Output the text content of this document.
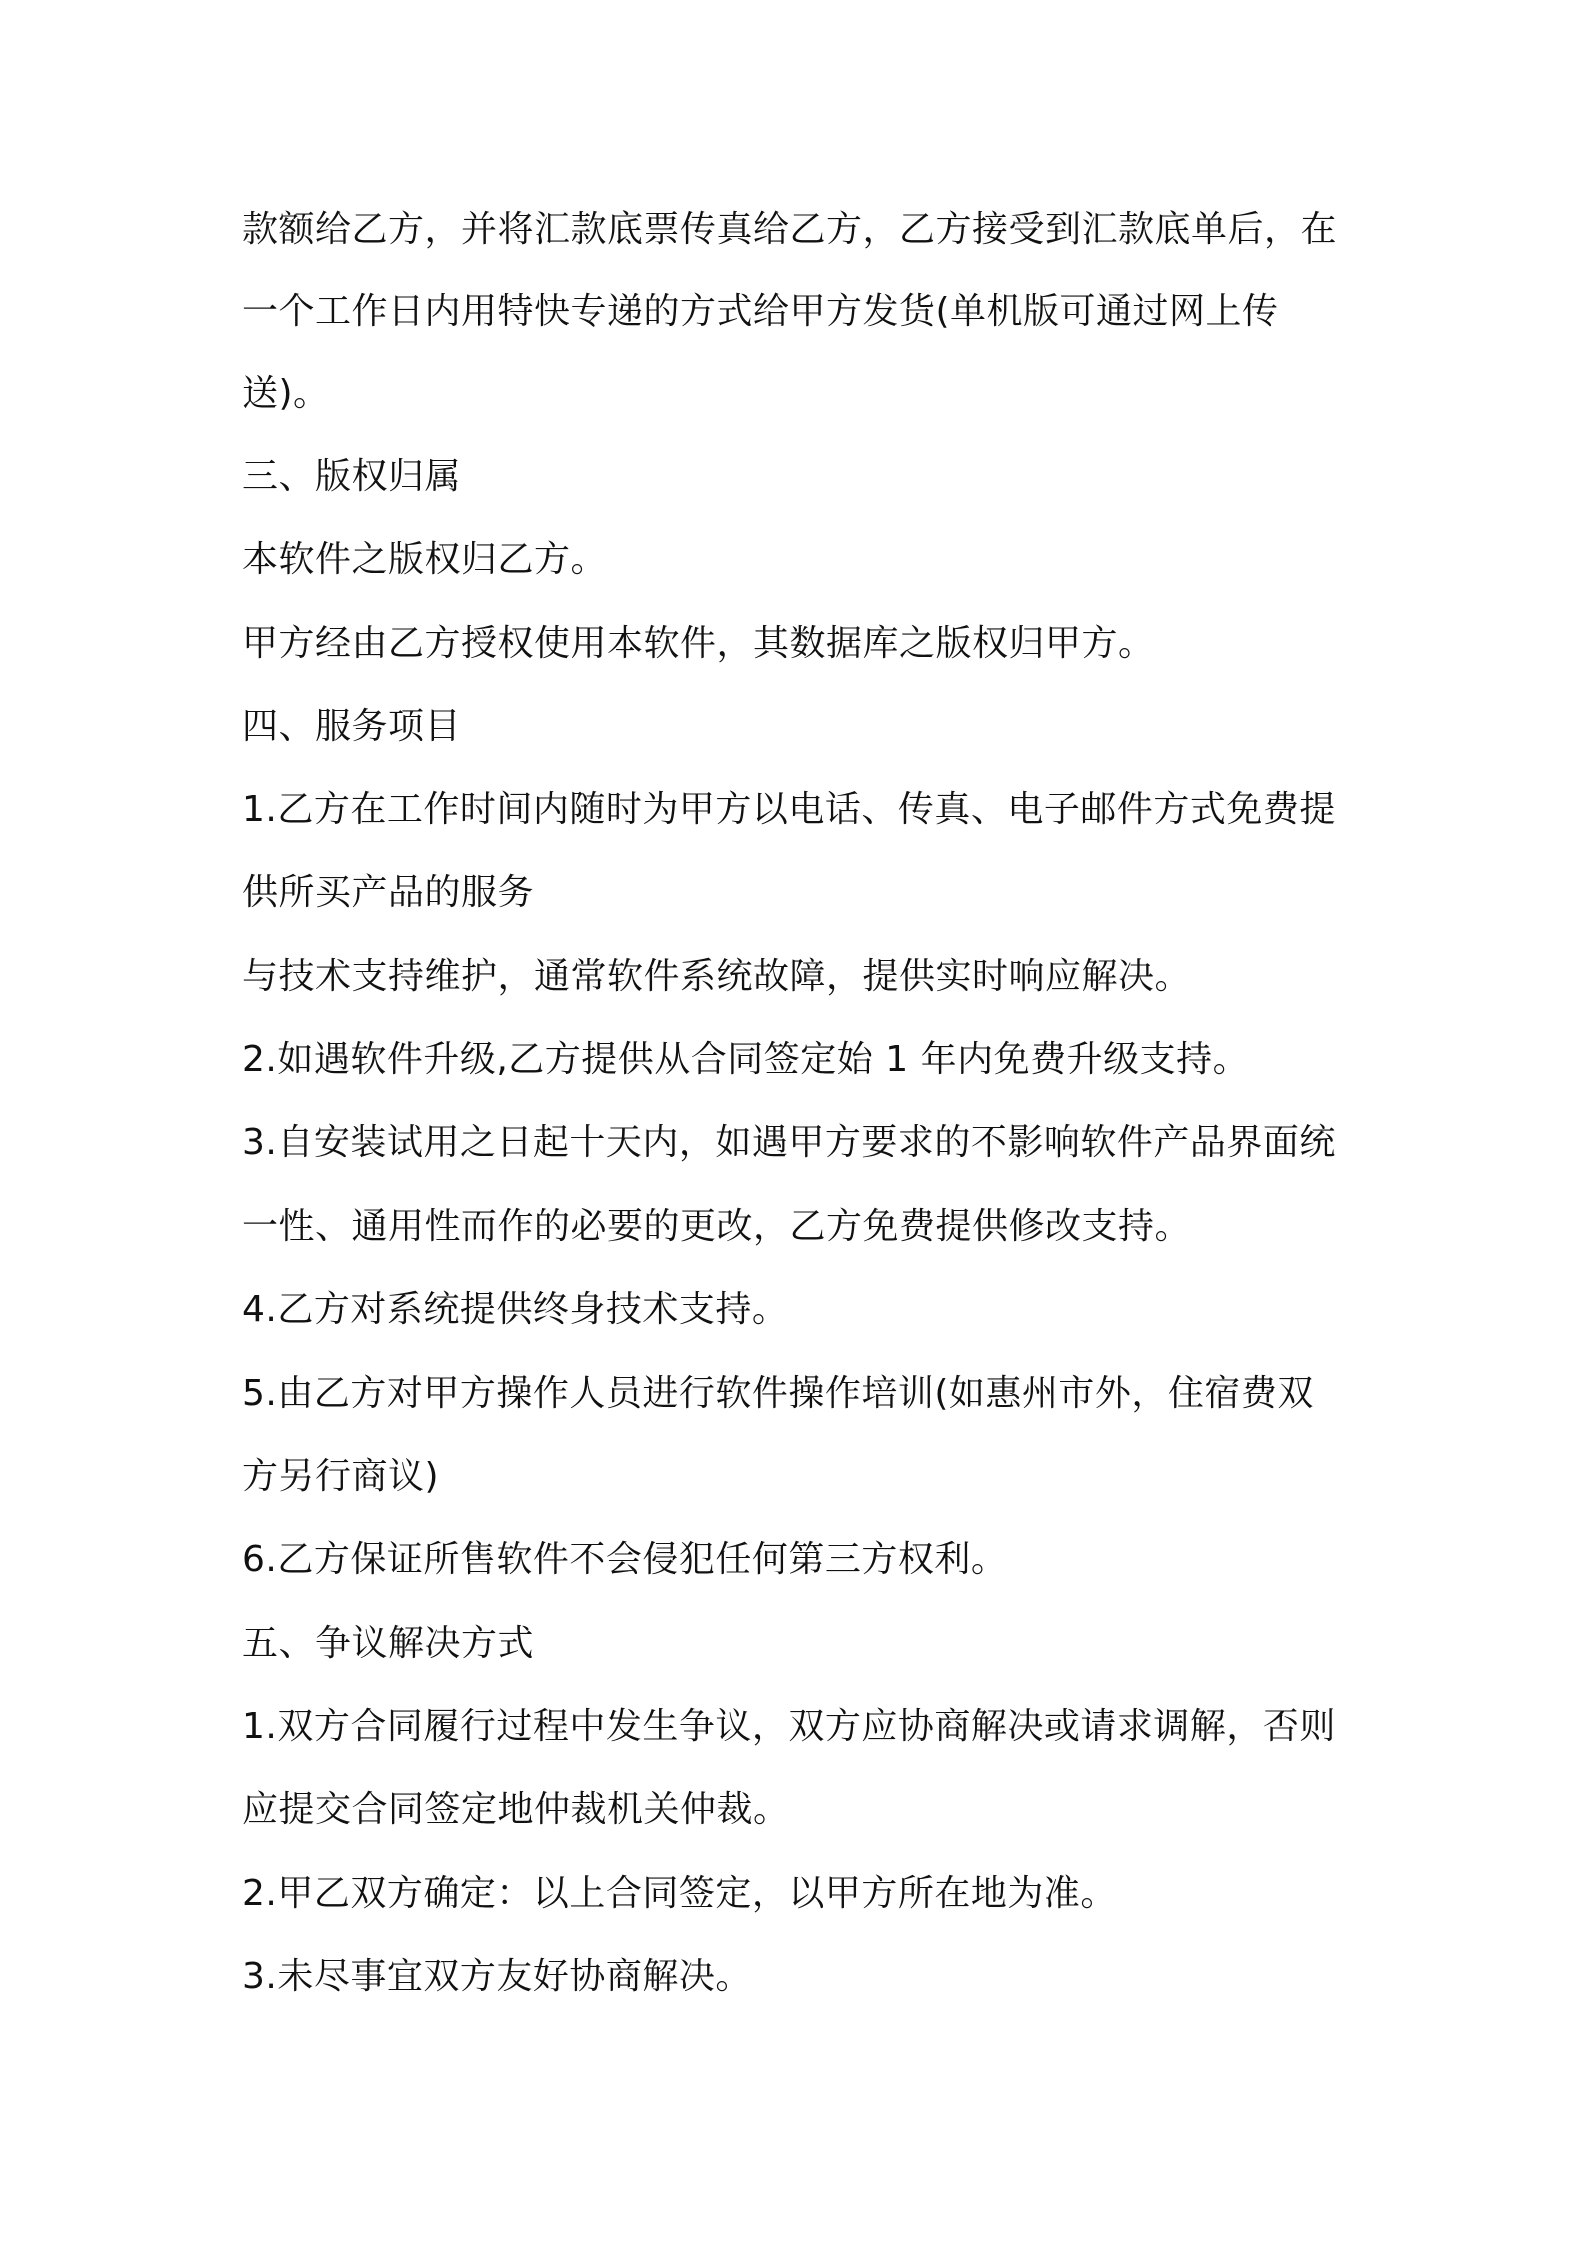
款额给乙方，并将汇款底票传真给乙方，乙方接受到汇款底单后，在
一个工作日内用特快专递的方式给甲方发货(单机版可通过网上传
送)。
三、版权归属
本软件之版权归乙方。
甲方经由乙方授权使用本软件，其数据库之版权归甲方。
四、服务项目
1.乙方在工作时间内随时为甲方以电话、传真、电子邮件方式免费提
供所买产品的服务
与技术支持维护，通常软件系统故障，提供实时响应解决。
2.如遇软件升级,乙方提供从合同签定始 1 年内免费升级支持。
3.自安装试用之日起十天内，如遇甲方要求的不影响软件产品界面统
一性、通用性而作的必要的更改，乙方免费提供修改支持。
4.乙方对系统提供终身技术支持。
5.由乙方对甲方操作人员进行软件操作培训(如惠州市外，住宿费双
方另行商议)
6.乙方保证所售软件不会侵犯任何第三方权利。
五、争议解决方式
1.双方合同履行过程中发生争议，双方应协商解决或请求调解，否则
应提交合同签定地仲裁机关仲裁。
2.甲乙双方确定：以上合同签定，以甲方所在地为准。
3.未尽事宜双方友好协商解决。
